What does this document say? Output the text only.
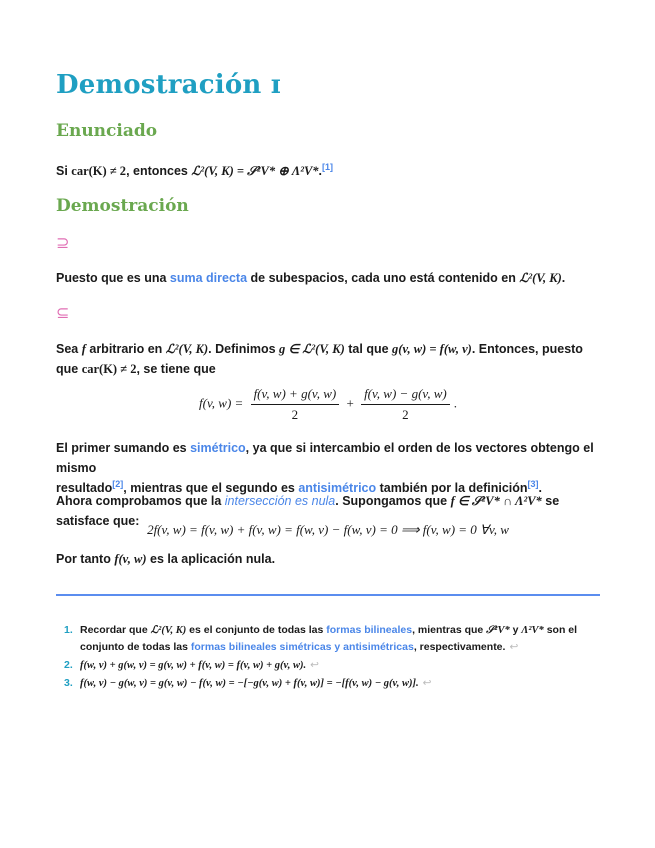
Demostración ɪ
Enunciado
Si car(K) ≠ 2, entonces ℒ²(V, K) = 𝒮²V* ⊕ Λ²V*.[1]
Demostración
⊇
Puesto que es una suma directa de subespacios, cada uno está contenido en ℒ²(V, K).
⊆
Sea f arbitrario en ℒ²(V, K). Definimos g ∈ ℒ²(V, K) tal que g(v, w) = f(w, v). Entonces, puesto
que car(K) ≠ 2, se tiene que
f(v, $w) = \frac{f(v, w) + g(v, w)}{2} + \frac{f(v, w) - g(v, w)}{2}$ .
El primer sumando es simétrico, ya que si intercambio el orden de los vectores obtengo el mismo
resultado[2], mientras que el segundo es antisimétrico también por la definición[3].
Ahora comprobamos que la intersección es nula. Supongamos que f ∈ 𝒮²V* ∩ Λ²V* se satisface que:
2f(v, w) = f(v, w) + f(v, w) = f(w, v) − f(w, v) = 0 ⟹ f(v, w) = 0 ∀v, w
Por tanto f(v, w) es la aplicación nula.
1. Recordar que ℒ²(V, K) es el conjunto de todas las formas bilineales, mientras que 𝒮²V* y Λ²V* son el
conjunto de todas las formas bilineales simétricas y antisimétricas, respectivamente. ↩
2. f(w, v) + g(w, v) = g(v, w) + f(v, w) = f(v, w) + g(v, w). ↩
3. f(w, v) − g(w, v) = g(v, w) − f(v, w) = −[−g(v, w) + f(v, w)] = −[f(v, w) − g(v, w)]. ↩
